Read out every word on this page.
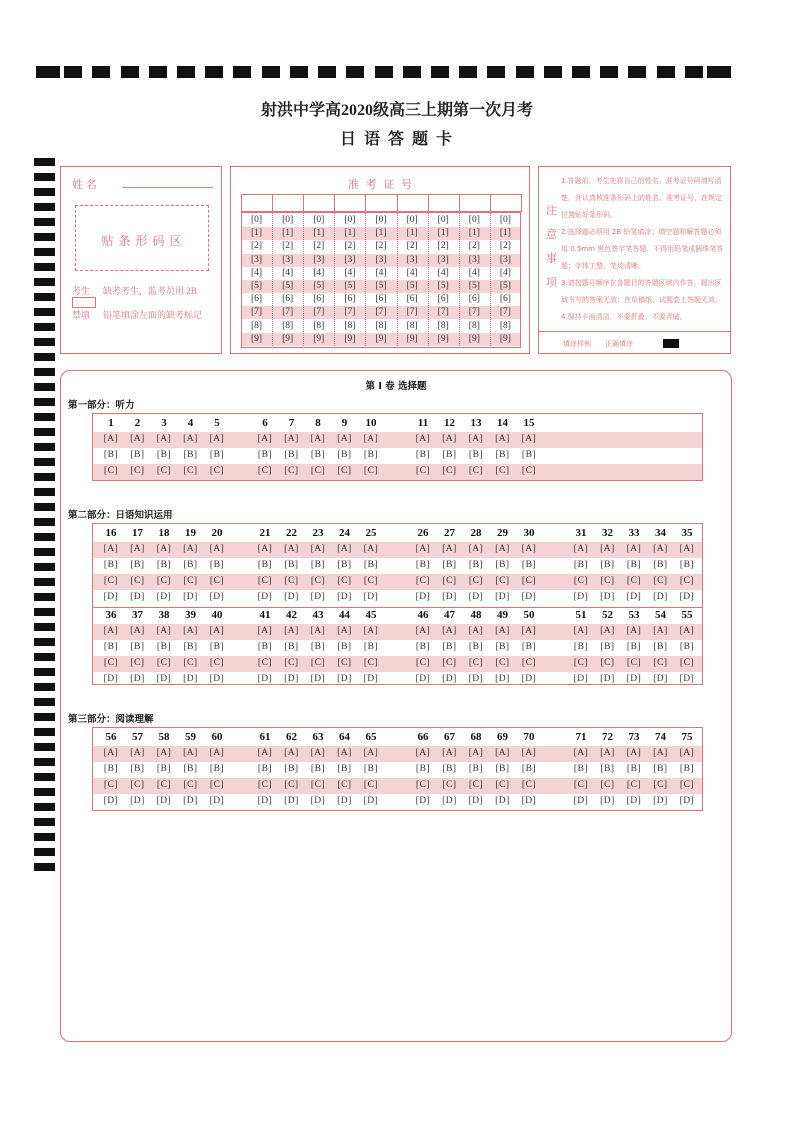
射洪中学高2020级高三上期第一次月考
日 语 答 题 卡
姓 名
贴 条 形 码 区
考生
禁填
缺考考生，监考员用 2B
铅笔填涂左面的缺考标记
准 考 证 号
[0]	[0]	[0]	[0]	[0]	[0]	[0]	[0]	[0]
[1]	[1]	[1]	[1]	[1]	[1]	[1]	[1]	[1]
[2]	[2]	[2]	[2]	[2]	[2]	[2]	[2]	[2]
[3]	[3]	[3]	[3]	[3]	[3]	[3]	[3]	[3]
[4]	[4]	[4]	[4]	[4]	[4]	[4]	[4]	[4]
[5]	[5]	[5]	[5]	[5]	[5]	[5]	[5]	[5]
[6]	[6]	[6]	[6]	[6]	[6]	[6]	[6]	[6]
[7]	[7]	[7]	[7]	[7]	[7]	[7]	[7]	[7]
[8]	[8]	[8]	[8]	[8]	[8]	[8]	[8]	[8]
[9]	[9]	[9]	[9]	[9]	[9]	[9]	[9]	[9]
注
意
事
项
1.答题前，考生先将自己的姓名、准考证号码填写清楚，并认真核准条形码上的姓名、准考证号，在规定位置贴好条形码。
2.选择题必须用 2B 铅笔填涂；填空题和解答题必须用 0.5mm 黑色签字笔答题，不得用铅笔或圆珠笔答题；字体工整、笔迹清晰。
3.请按题号顺序在各题目的答题区域内作答，超出区域书写的答案无效；在草稿纸、试题卷上答题无效。4.保持卡面清洁，不要折叠、不要弄破。
填涂样例 正确填涂
第 I 卷 选择题
第一部分：听力
第二部分：日语知识运用
第三部分：阅读理解
1	2	3	4	5	6	7	8	9	10	11	12	13	14	15
[A]	[A]	[A]	[A]	[A]	[A]	[A]	[A]	[A]	[A]	[A]	[A]	[A]	[A]	[A]
[B]	[B]	[B]	[B]	[B]	[B]	[B]	[B]	[B]	[B]	[B]	[B]	[B]	[B]	[B]
[C]	[C]	[C]	[C]	[C]	[C]	[C]	[C]	[C]	[C]	[C]	[C]	[C]	[C]	[C]
16	17	18	19	20	21	22	23	24	25	26	27	28	29	30	31	32	33	34	35
[A]	[A]	[A]	[A]	[A]	[A]	[A]	[A]	[A]	[A]	[A]	[A]	[A]	[A]	[A]	[A]	[A]	[A]	[A]	[A]
[B]	[B]	[B]	[B]	[B]	[B]	[B]	[B]	[B]	[B]	[B]	[B]	[B]	[B]	[B]	[B]	[B]	[B]	[B]	[B]
[C]	[C]	[C]	[C]	[C]	[C]	[C]	[C]	[C]	[C]	[C]	[C]	[C]	[C]	[C]	[C]	[C]	[C]	[C]	[C]
[D]	[D]	[D]	[D]	[D]	[D]	[D]	[D]	[D]	[D]	[D]	[D]	[D]	[D]	[D]	[D]	[D]	[D]	[D]	[D]
36	37	38	39	40	41	42	43	44	45	46	47	48	49	50	51	52	53	54	55
[A]	[A]	[A]	[A]	[A]	[A]	[A]	[A]	[A]	[A]	[A]	[A]	[A]	[A]	[A]	[A]	[A]	[A]	[A]	[A]
[B]	[B]	[B]	[B]	[B]	[B]	[B]	[B]	[B]	[B]	[B]	[B]	[B]	[B]	[B]	[B]	[B]	[B]	[B]	[B]
[C]	[C]	[C]	[C]	[C]	[C]	[C]	[C]	[C]	[C]	[C]	[C]	[C]	[C]	[C]	[C]	[C]	[C]	[C]	[C]
[D]	[D]	[D]	[D]	[D]	[D]	[D]	[D]	[D]	[D]	[D]	[D]	[D]	[D]	[D]	[D]	[D]	[D]	[D]	[D]
56	57	58	59	60	61	62	63	64	65	66	67	68	69	70	71	72	73	74	75
[A]	[A]	[A]	[A]	[A]	[A]	[A]	[A]	[A]	[A]	[A]	[A]	[A]	[A]	[A]	[A]	[A]	[A]	[A]	[A]
[B]	[B]	[B]	[B]	[B]	[B]	[B]	[B]	[B]	[B]	[B]	[B]	[B]	[B]	[B]	[B]	[B]	[B]	[B]	[B]
[C]	[C]	[C]	[C]	[C]	[C]	[C]	[C]	[C]	[C]	[C]	[C]	[C]	[C]	[C]	[C]	[C]	[C]	[C]	[C]
[D]	[D]	[D]	[D]	[D]	[D]	[D]	[D]	[D]	[D]	[D]	[D]	[D]	[D]	[D]	[D]	[D]	[D]	[D]	[D]
